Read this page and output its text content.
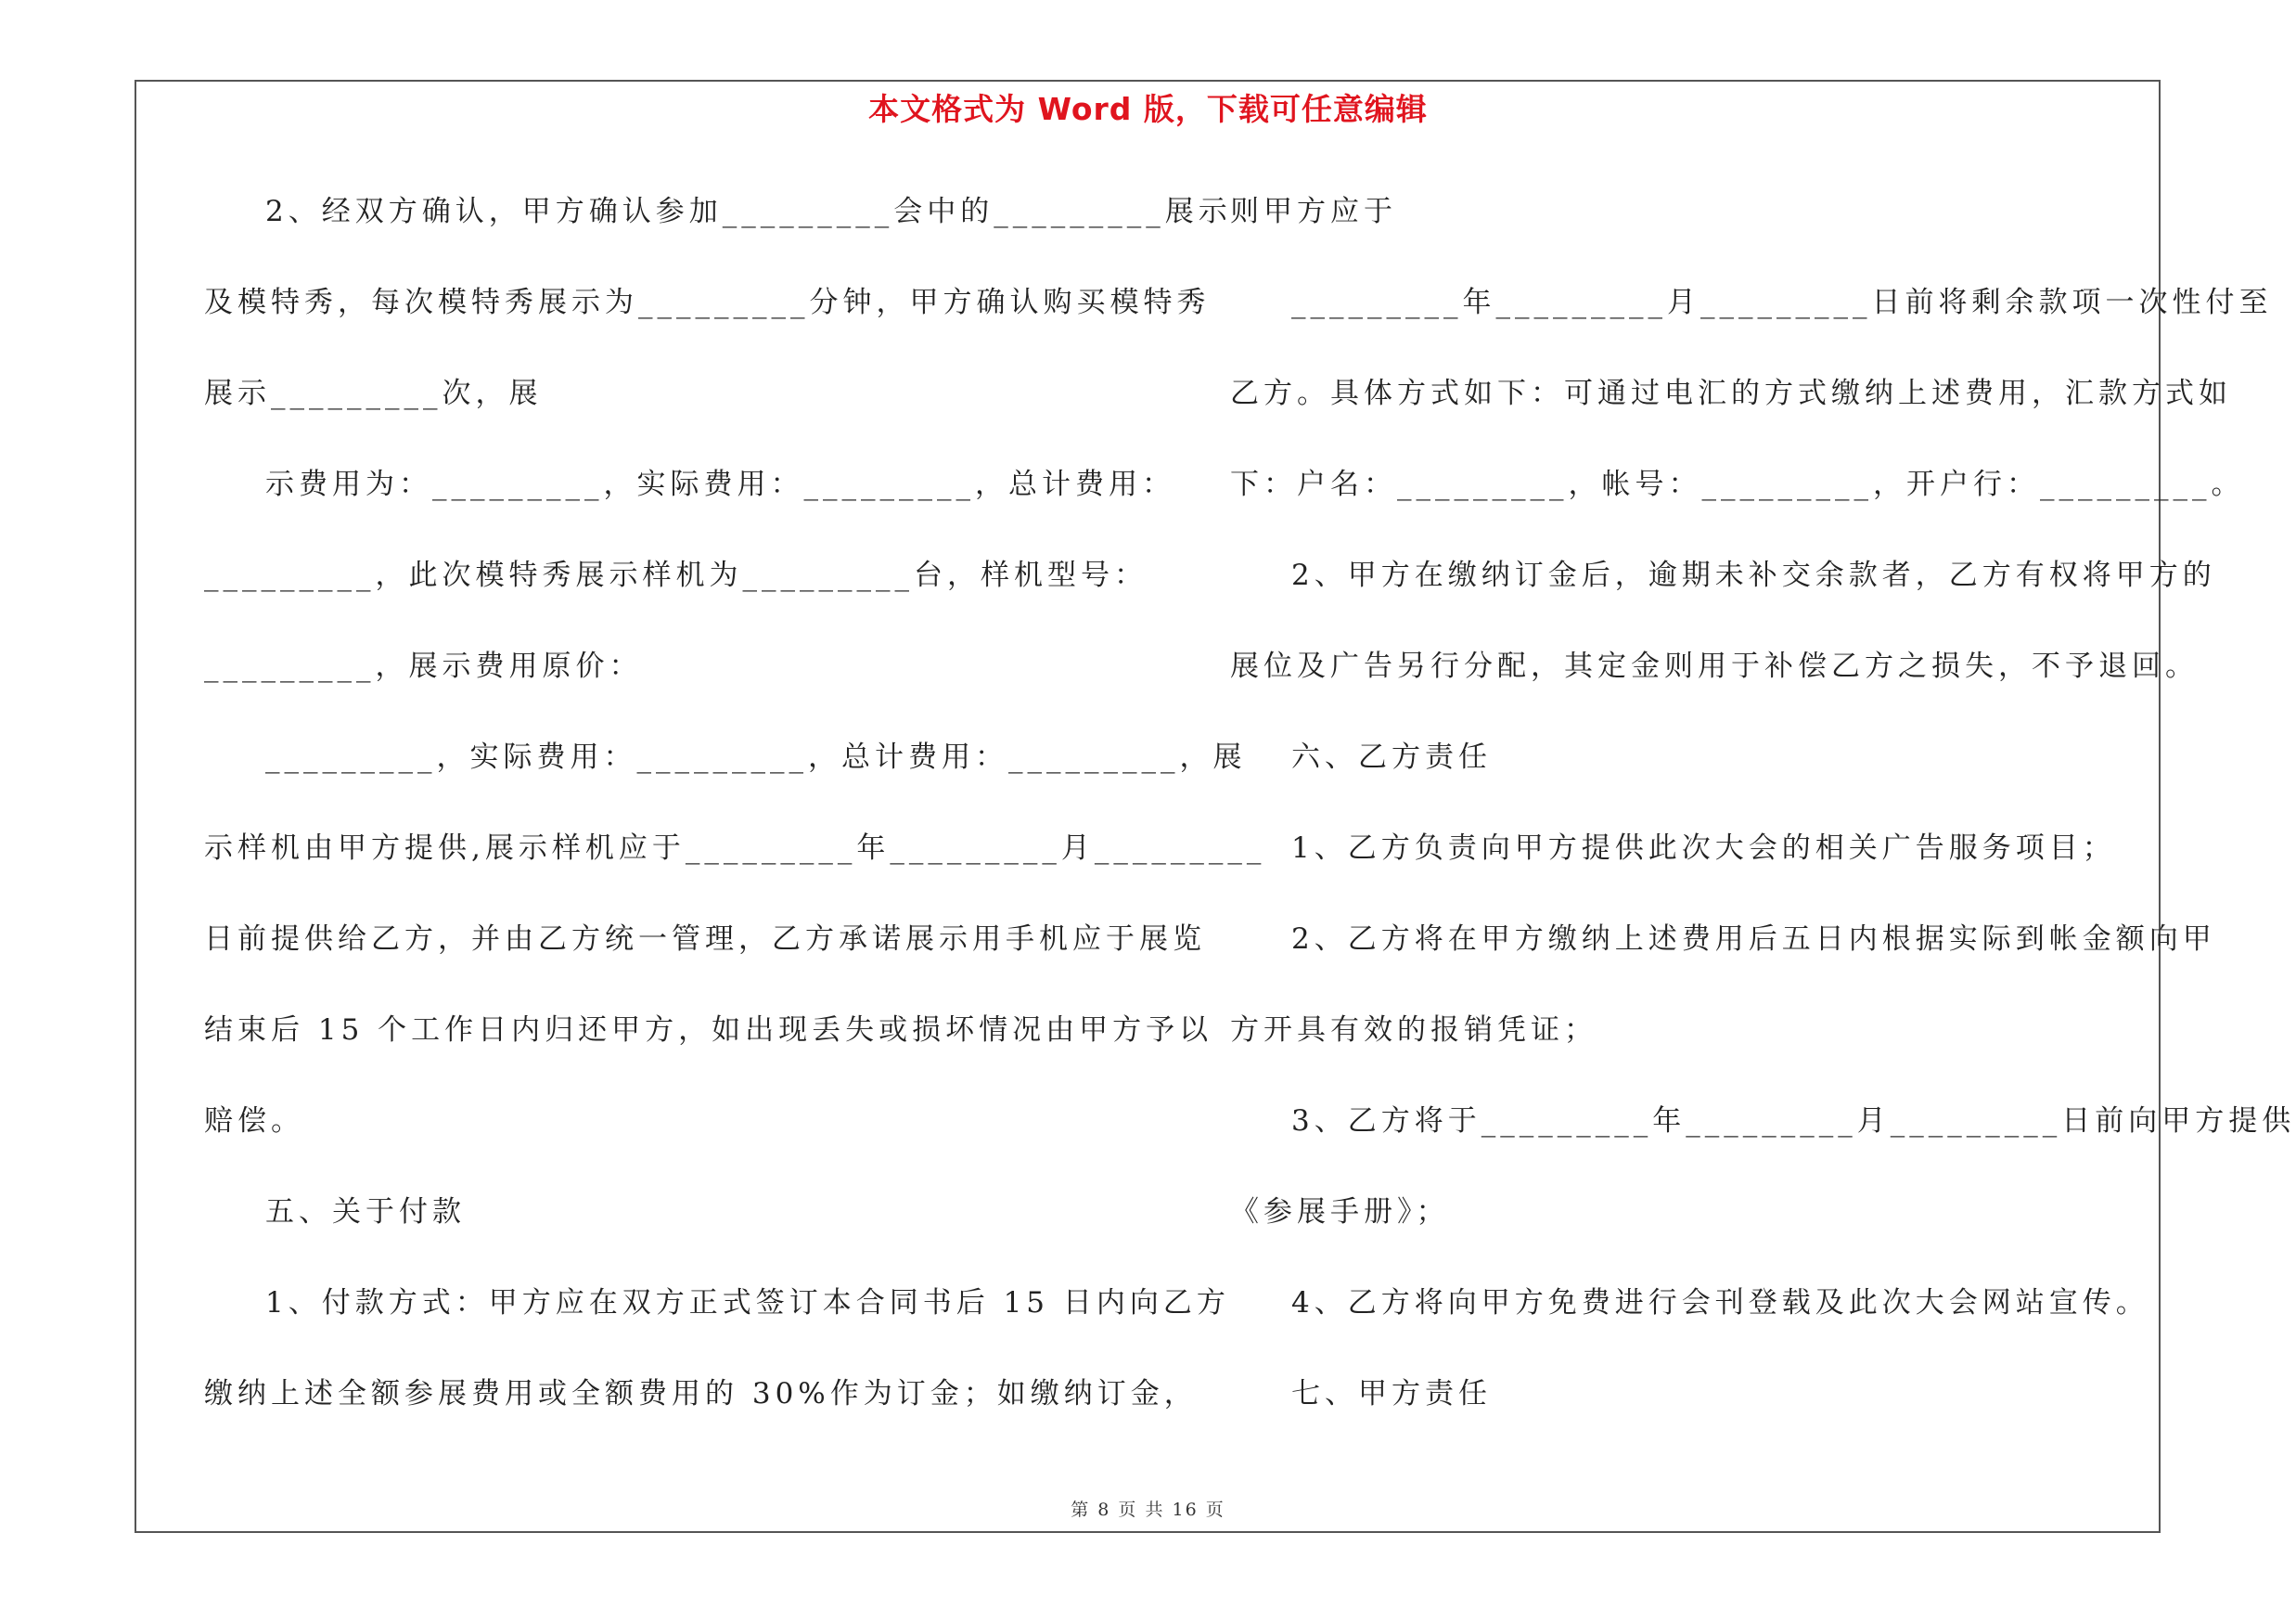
本文格式为 Word 版，下载可任意编辑
2、经双方确认，甲方确认参加_________会中的_________展示
及模特秀，每次模特秀展示为_________分钟，甲方确认购买模特秀
展示_________次，展
示费用为：_________，实际费用：_________，总计费用：
_________，此次模特秀展示样机为_________台，样机型号：
_________，展示费用原价：
_________，实际费用：_________，总计费用：_________，展
示样机由甲方提供,展示样机应于_________年_________月_________
日前提供给乙方，并由乙方统一管理，乙方承诺展示用手机应于展览
结束后 15 个工作日内归还甲方，如出现丢失或损坏情况由甲方予以
赔偿。
五、关于付款
1、付款方式：甲方应在双方正式签订本合同书后 15 日内向乙方
缴纳上述全额参展费用或全额费用的 30%作为订金；如缴纳订金，
则甲方应于
_________年_________月_________日前将剩余款项一次性付至
乙方。具体方式如下：可通过电汇的方式缴纳上述费用，汇款方式如
下：户名：_________，帐号：_________，开户行：_________。
2、甲方在缴纳订金后，逾期未补交余款者，乙方有权将甲方的
展位及广告另行分配，其定金则用于补偿乙方之损失，不予退回。
六、乙方责任
1、乙方负责向甲方提供此次大会的相关广告服务项目；
2、乙方将在甲方缴纳上述费用后五日内根据实际到帐金额向甲
方开具有效的报销凭证；
3、乙方将于_________年_________月_________日前向甲方提供
《参展手册》；
4、乙方将向甲方免费进行会刊登载及此次大会网站宣传。
七、甲方责任
第 8 页 共 16 页
